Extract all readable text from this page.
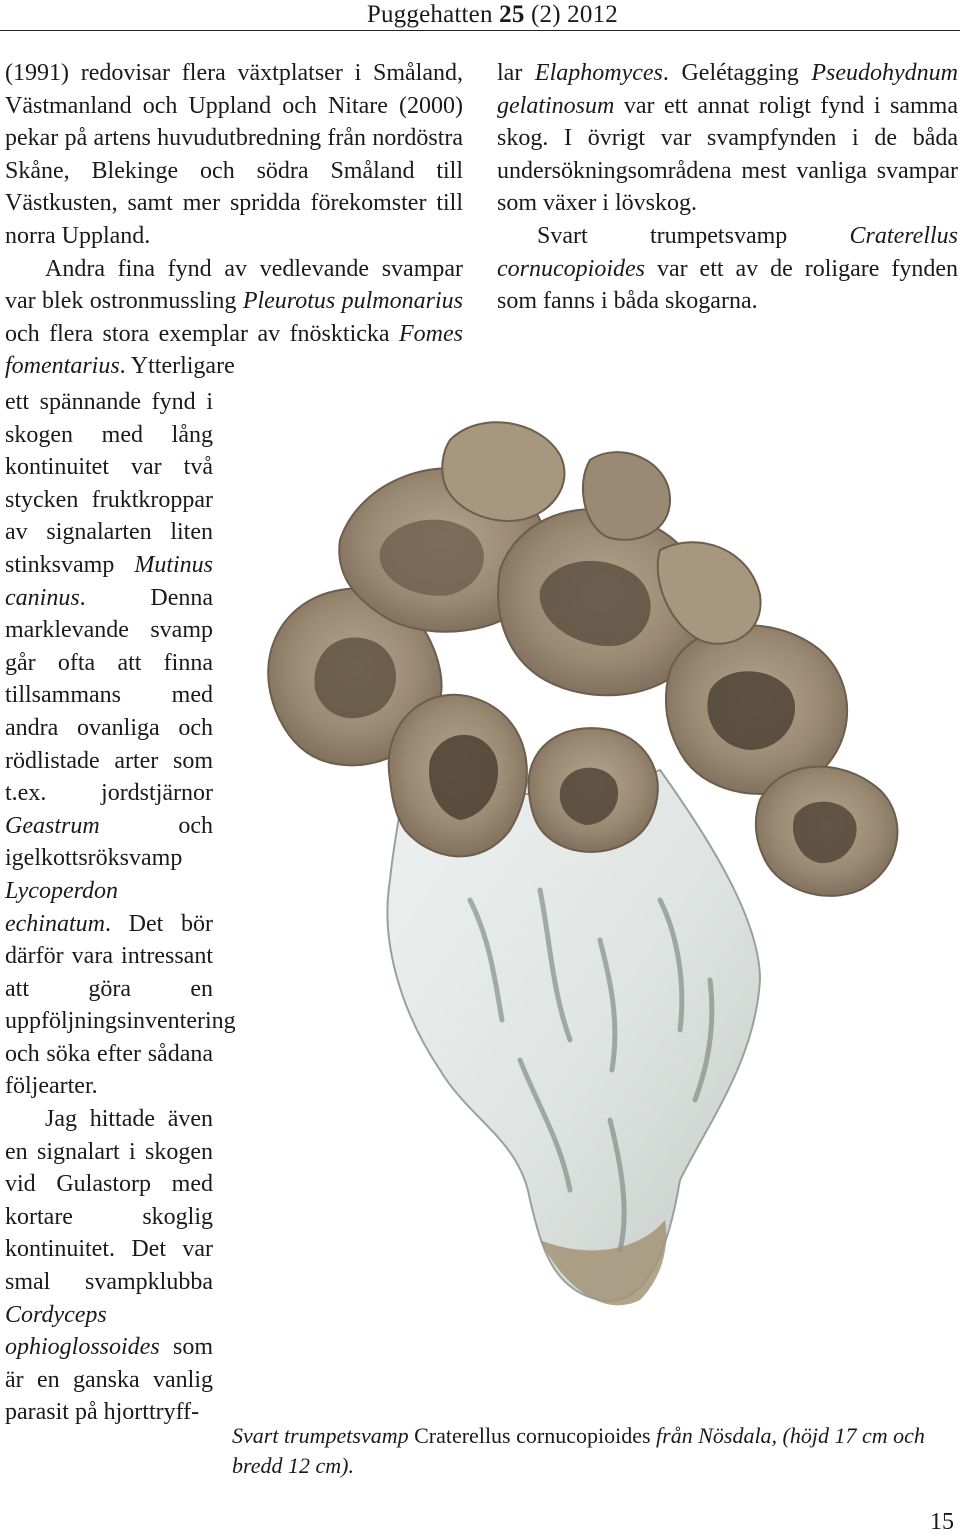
Puggehatten 25 (2) 2012

(1991) redovisar flera växtplatser i Småland, Västmanland och Uppland och Nitare (2000) pekar på artens huvudutbredning från nordöstra Skåne, Blekinge och södra Småland till Västkusten, samt mer spridda förekomster till norra Uppland.

Andra fina fynd av vedlevande svampar var blek ostronmussling Pleurotus pulmonarius och flera stora exemplar av fnöskticka Fomes fomentarius. Ytterligare

ett spännande fynd i skogen med lång kontinuitet var två stycken fruktkroppar av signalarten liten stinksvamp Mutinus caninus. Denna marklevande svamp går ofta att finna tillsammans med andra ovanliga och rödlistade arter som t.ex. jordstjärnor Geastrum och igelkottsröksvamp Lycoperdon echinatum. Det bör därför vara intressant att göra en uppföljningsinventering och söka efter sådana följearter.

Jag hittade även en signalart i skogen vid Gulastorp med kortare skoglig kontinuitet. Det var smal svampklubba Cordyceps ophioglossoides som är en ganska vanlig parasit på hjorttryff-

lar Elaphomyces. Gelétagging Pseudohydnum gelatinosum var ett annat roligt fynd i samma skog. I övrigt var svampfynden i de båda undersökningsområdena mest vanliga svampar som växer i lövskog.

Svart trumpetsvamp Craterellus cornucopioides var ett av de roligare fynden som fanns i båda skogarna.

Svart trumpetsvamp Craterellus cornucopioides från Nösdala, (höjd 17 cm och bredd 12 cm).
15
